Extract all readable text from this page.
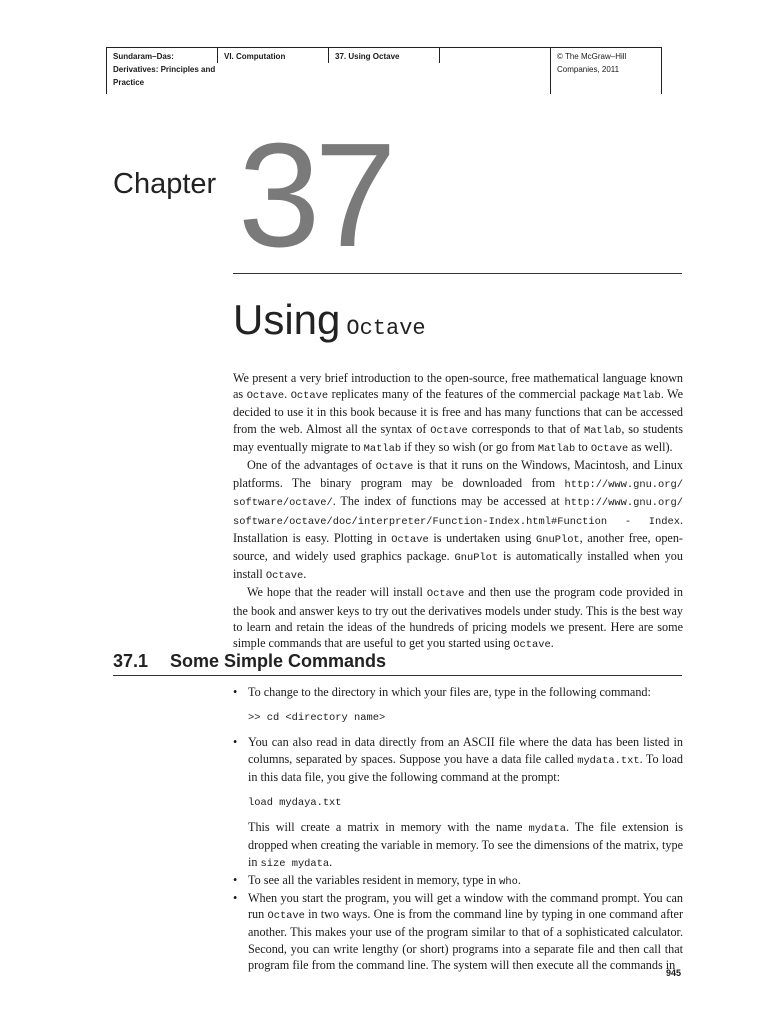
Sundaram–Das:
Derivatives: Principles and
Practice
VI. Computation	37. Using Octave	© The McGraw–Hill
Companies, 2011
Chapter 37
Using Octave

We present a very brief introduction to the open-source, free mathematical language known as Octave. Octave replicates many of the features of the commercial package Matlab. We decided to use it in this book because it is free and has many functions that can be accessed from the web. Almost all the syntax of Octave corresponds to that of Matlab, so students may eventually migrate to Matlab if they so wish (or go from Matlab to Octave as well).

One of the advantages of Octave is that it runs on the Windows, Macintosh, and Linux platforms. The binary program may be downloaded from http://www.gnu.org/ software/octave/. The index of functions may be accessed at http://www.gnu.org/ software/octave/doc/interpreter/Function-Index.html#Function - Index. Installation is easy. Plotting in Octave is undertaken using GnuPlot, another free, open-source, and widely used graphics package. GnuPlot is automatically installed when you install Octave.

We hope that the reader will install Octave and then use the program code provided in the book and answer keys to try out the derivatives models under study. This is the best way to learn and retain the ideas of the hundreds of pricing models we present. Here are some simple commands that are useful to get you started using Octave.

37.1 Some Simple Commands
• To change to the directory in which your files are, type in the following command:
>> cd <directory name>
• You can also read in data directly from an ASCII file where the data has been listed in columns, separated by spaces. Suppose you have a data file called mydata.txt. To load in this data file, you give the following command at the prompt:
load mydaya.txt
This will create a matrix in memory with the name mydata. The file extension is dropped when creating the variable in memory. To see the dimensions of the matrix, type in size mydata.
• To see all the variables resident in memory, type in who.
• When you start the program, you will get a window with the command prompt. You can run Octave in two ways. One is from the command line by typing in one command after another. This makes your use of the program similar to that of a sophisticated calculator. Second, you can write lengthy (or short) programs into a separate file and then call that program file from the command line. The system will then execute all the commands in
945
